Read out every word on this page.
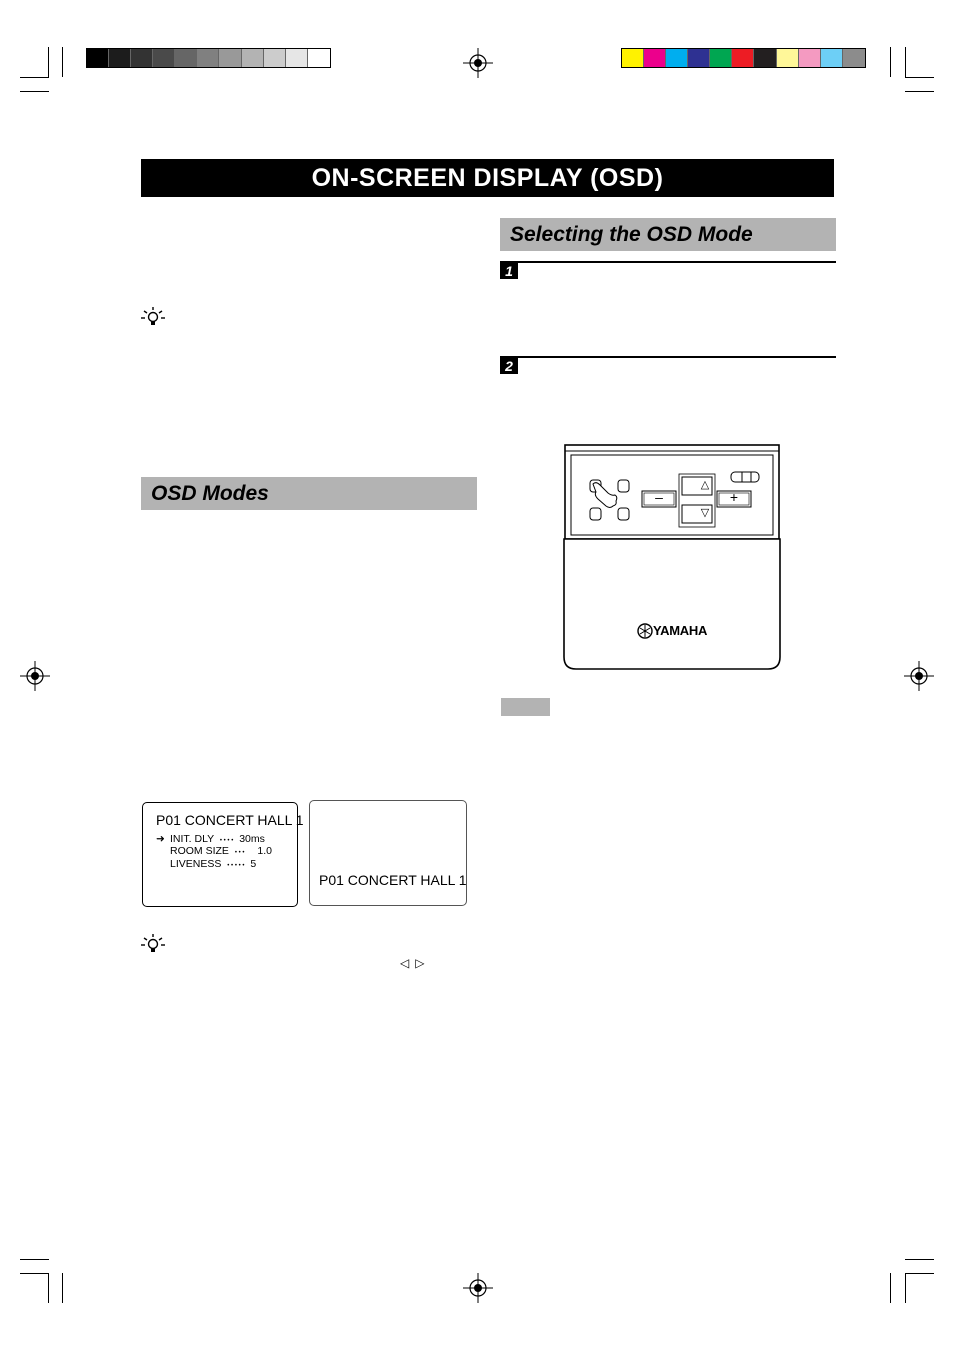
ON-SCREEN DISPLAY (OSD)
OSD Modes
P01 CONCERT HALL 1
➜ INIT. DLY • • • • 30ms
ROOM SIZE • • • 1.0
LIVENESS • • • • • 5
P01 CONCERT HALL 1
◁▷
Selecting the OSD Mode
1
2
△
▽
–	+
YAMAHA
